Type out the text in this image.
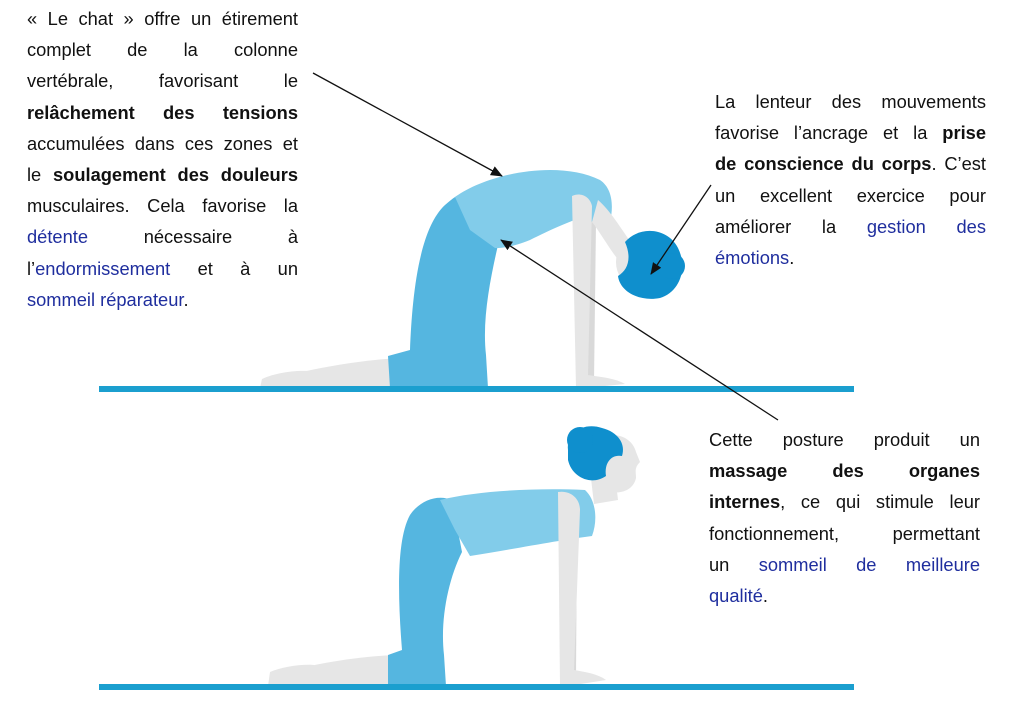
« Le chat » offre un étirement
complet de la colonne
vertébrale, favorisant le
relâchement des tensions
accumulées dans ces zones et
le soulagement des douleurs
musculaires. Cela favorise la
détente nécessaire à
l’endormissement et à un
sommeil réparateur.
La lenteur des mouvements
favorise l’ancrage et la prise
de conscience du corps. C’est
un excellent exercice pour
améliorer la gestion des
émotions.
Cette posture produit un
massage des organes
internes, ce qui stimule leur
fonctionnement, permettant
un sommeil de meilleure
qualité.
